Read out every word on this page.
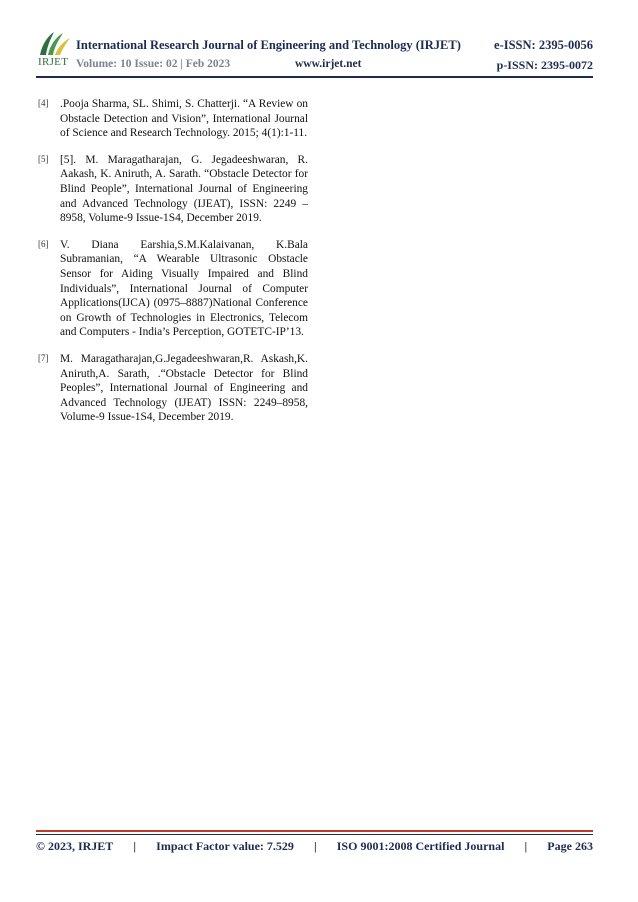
IRJET
International Research Journal of Engineering and Technology (IRJET)	e-ISSN: 2395-0056
Volume: 10 Issue: 02 | Feb 2023	www.irjet.net	p-ISSN: 2395-0072
[4] .Pooja Sharma, SL. Shimi, S. Chatterji. “A Review on Obstacle Detection and Vision”, International Journal of Science and Research Technology. 2015; 4(1):1-11.

[5] [5]. M. Maragatharajan, G. Jegadeeshwaran, R. Aakash, K. Aniruth, A. Sarath. “Obstacle Detector for Blind People”, International Journal of Engineering and Advanced Technology (IJEAT), ISSN: 2249 – 8958, Volume-9 Issue-1S4, December 2019.

[6] V. Diana Earshia,S.M.Kalaivanan, K.Bala Subramanian, “A Wearable Ultrasonic Obstacle Sensor for Aiding Visually Impaired and Blind Individuals”, International Journal of Computer Applications(IJCA) (0975–8887)National Conference on Growth of Technologies in Electronics, Telecom and Computers - India’s Perception, GOTETC-IP’13.

[7] M. Maragatharajan,G.Jegadeeshwaran,R. Askash,K. Aniruth,A. Sarath, .“Obstacle Detector for Blind Peoples”, International Journal of Engineering and Advanced Technology (IJEAT) ISSN: 2249–8958, Volume-9 Issue-1S4, December 2019.

© 2023, IRJET | Impact Factor value: 7.529 | ISO 9001:2008 Certified Journal | Page 263
